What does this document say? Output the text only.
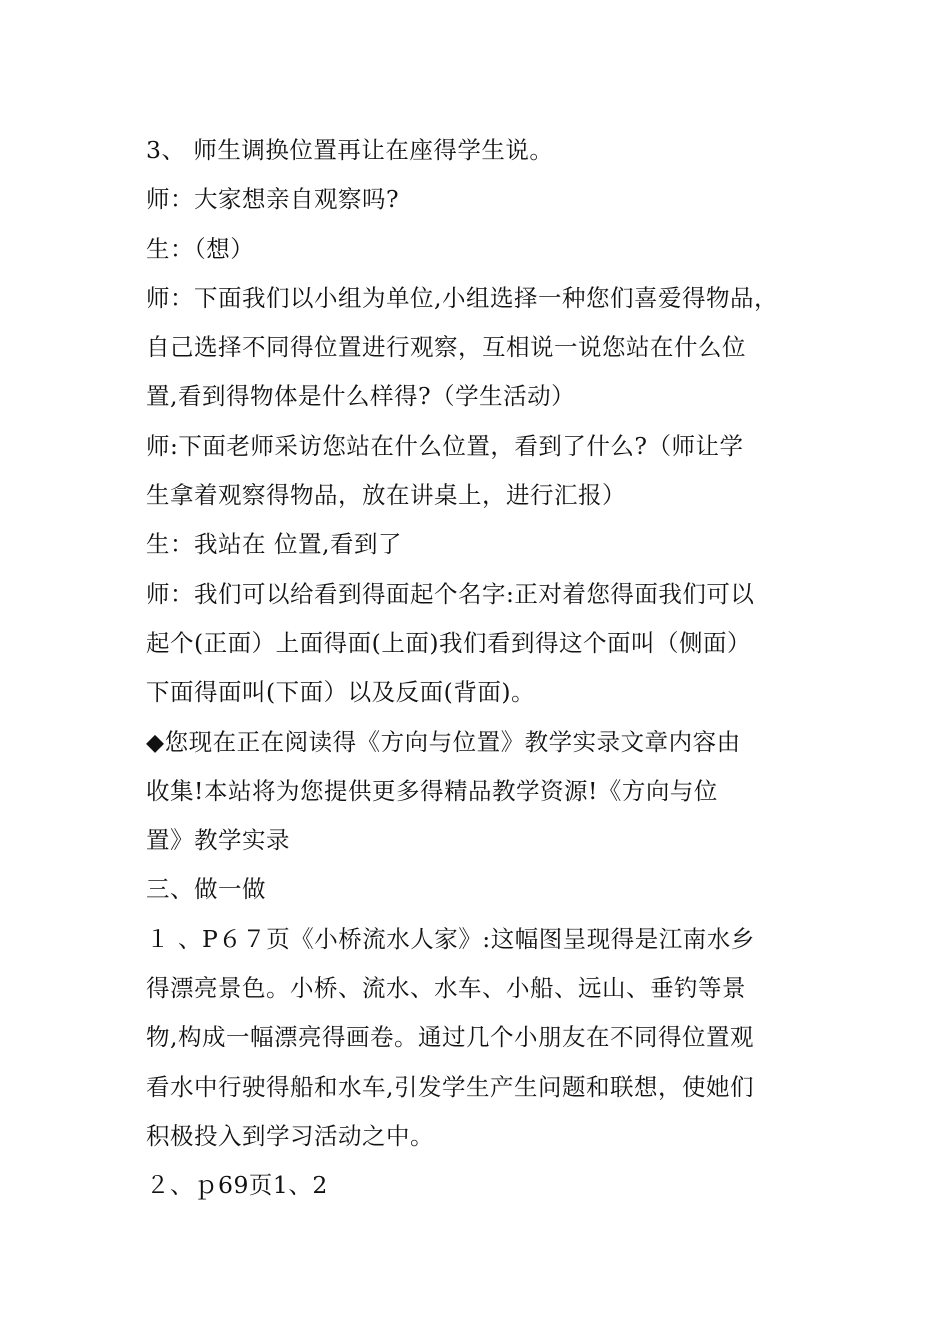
3、 师生调换位置再让在座得学生说。
师：大家想亲自观察吗?
生：（想）
师：下面我们以小组为单位,小组选择一种您们喜爱得物品，
自己选择不同得位置进行观察，互相说一说您站在什么位
置,看到得物体是什么样得?（学生活动）
师:下面老师采访您站在什么位置，看到了什么?（师让学
生拿着观察得物品，放在讲桌上，进行汇报）
生：我站在 位置,看到了
师：我们可以给看到得面起个名字:正对着您得面我们可以
起个(正面）上面得面(上面)我们看到得这个面叫（侧面）
下面得面叫(下面）以及反面(背面)。
◆您现在正在阅读得《方向与位置》教学实录文章内容由
收集!本站将为您提供更多得精品教学资源!《方向与位
置》教学实录
三、做一做
１ 、P６７页《小桥流水人家》:这幅图呈现得是江南水乡
得漂亮景色。小桥、流水、水车、小船、远山、垂钓等景
物,构成一幅漂亮得画卷。通过几个小朋友在不同得位置观
看水中行驶得船和水车,引发学生产生问题和联想，使她们
积极投入到学习活动之中。
２、ｐ69页1、2
